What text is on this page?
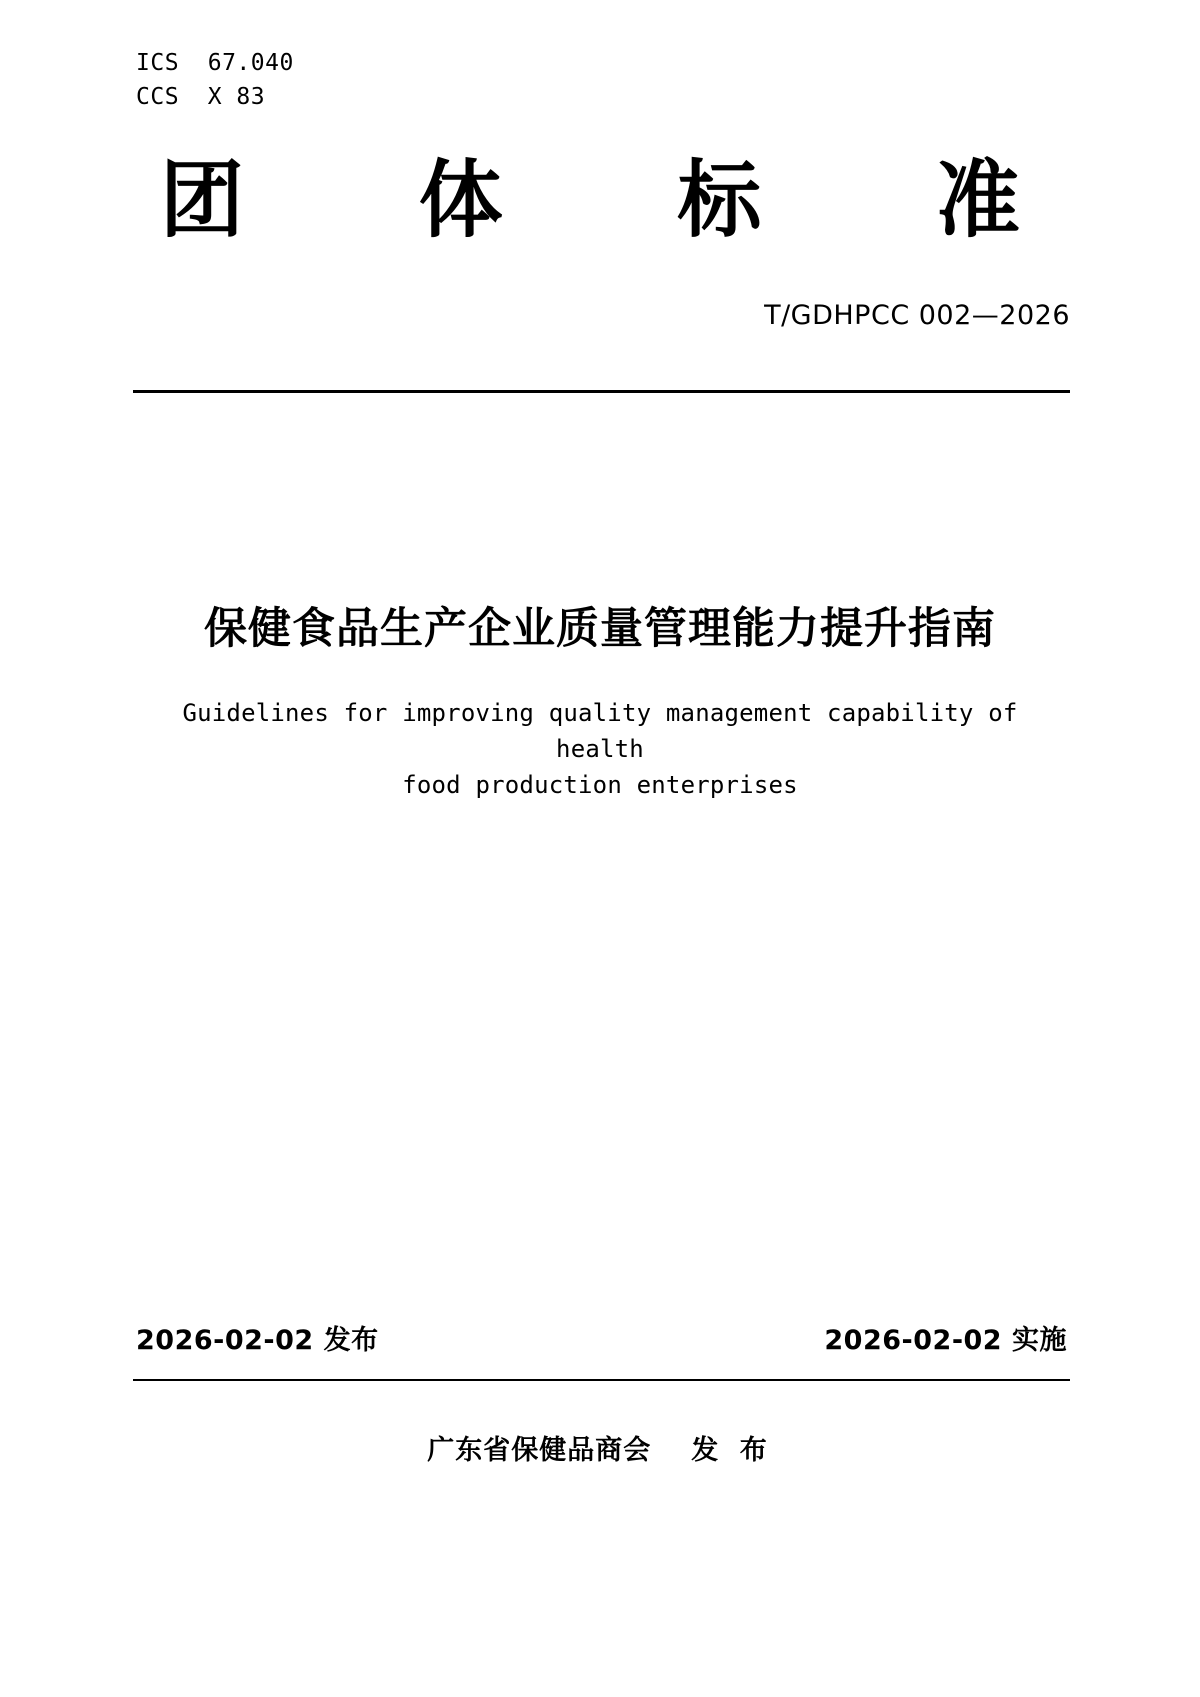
ICS  67.040
CCS  X 83
团 体 标 准
T/GDHPCC 002—2026
保健食品生产企业质量管理能力提升指南
Guidelines for improving quality management capability of health
food production enterprises
2026-02-02 发布	2026-02-02 实施
广东省保健品商会 发 布
